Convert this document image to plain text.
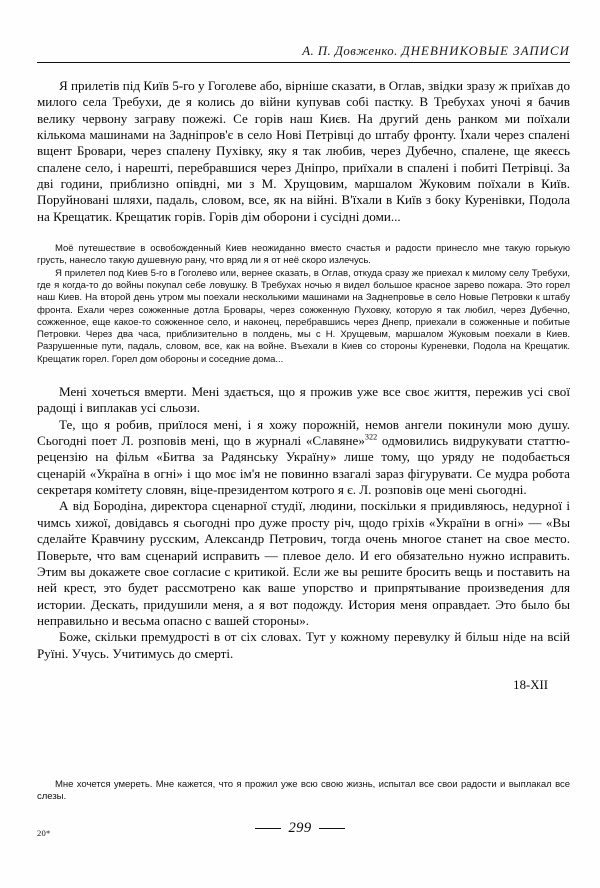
А. П. Довженко. ДНЕВНИКОВЫЕ ЗАПИСИ

Я прилетів під Київ 5-го у Гоголеве або, вірніше сказати, в Оглав, звідки зразу ж приїхав до милого села Требухи, де я колись до війни купував собі пастку. В Требухах уночі я бачив велику червону заграву пожежі. Се горів наш Києв. На другий день ранком ми поїхали кількома машинами на Задніпров'є в село Нові Петрівці до штабу фронту. Їхали через спалені вщент Бровари, через спалену Пухівку, яку я так любив, через Дубечно, спалене, ще якеєсь спалене село, і нарешті, перебравшися через Дніпро, приїхали в спалені і побиті Петрівці. За дві години, приблизно опівдні, ми з М. Хрущовим, маршалом Жуковим поїхали в Київ. Поруйновані шляхи, падаль, словом, все, як на війні. В'їхали в Київ з боку Куренівки, Подола на Крещатик. Крещатик горів. Горів дім оборони і сусідні доми...

Моё путешествие в освобожденный Киев неожиданно вместо счастья и радости принесло мне такую горькую грусть, нанесло такую душевную рану, что вряд ли я от неё скоро излечусь.

Я прилетел под Киев 5-го в Гоголево или, вернее сказать, в Оглав, откуда сразу же приехал к милому селу Требухи, где я когда-то до войны покупал себе ловушку. В Требухах ночью я видел большое красное зарево пожара. Это горел наш Киев. На второй день утром мы поехали несколькими машинами на Заднепровье в село Новые Петровки к штабу фронта. Ехали через сожженные дотла Бровары, через сожженную Пуховку, которую я так любил, через Дубечно, сожженное, еще какое-то сожженное село, и наконец, перебравшись через Днепр, приехали в сожженные и побитые Петровки. Через два часа, приблизительно в полдень, мы с Н. Хрущевым, маршалом Жуковым поехали в Киев. Разрушенные пути, падаль, словом, все, как на войне. Въехали в Киев со стороны Куреневки, Подола на Крещатик. Крещатик горел. Горел дом обороны и соседние дома...

Мені хочеться вмерти. Мені здається, що я прожив уже все своє життя, пережив усі свої радощі і виплакав усі сльози.

Те, що я робив, приїлося мені, і я хожу порожній, немов ангели покинули мою душу. Сьогодні поет Л. розповів мені, що в журналі «Славяне»$^{322}$ одмовились видрукувати статтю-рецензію на фільм «Битва за Радянську Україну» лише тому, що уряду не подобається сценарій «Україна в огні» і що моє ім'я не повинно взагалі зараз фігурувати. Се мудра робота секретаря комітету словян, віце-президентом котрого я є. Л. розповів оце мені сьогодні.

А від Бородіна, директора сценарної студії, людини, поскільки я придивляюсь, недурної і чимсь хижої, довідавсь я сьогодні про дуже просту річ, щодо гріхів «України в огні» — «Вы сделайте Кравчину русским, Александр Петрович, тогда очень многое станет на свое место. Поверьте, что вам сценарий исправить — плевое дело. И его обязательно нужно исправить. Этим вы докажете свое согласие с критикой. Если же вы решите бросить вещь и поставить на ней крест, это будет рассмотрено как ваше упорство и припрятывание произведения для истории. Дескать, придушили меня, а я вот подожду. История меня оправдает. Это было бы неправильно и весьма опасно с вашей стороны».

Боже, скільки премудрості в от сіх словах. Тут у кожному перевулку й більш ніде на всій Руїні. Учусь. Учитимусь до смерті.

18-XII

Мне хочется умереть. Мне кажется, что я прожил уже всю свою жизнь, испытал все свои радости и выплакал все слезы.

20*	299
